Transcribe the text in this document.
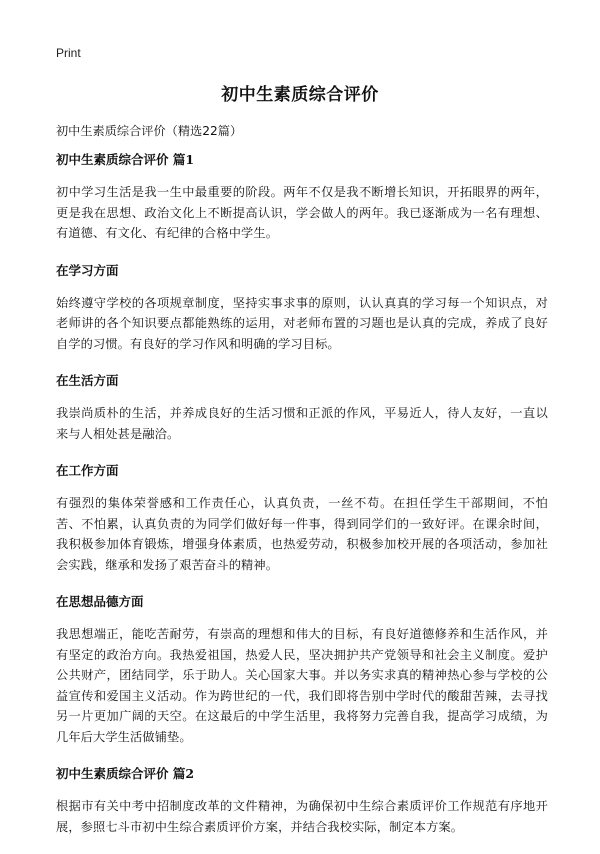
Print
初中生素质综合评价
初中生素质综合评价（精选22篇）
初中生素质综合评价 篇1

初中学习生活是我一生中最重要的阶段。两年不仅是我不断增长知识，开拓眼界的两年，更是我在思想、政治文化上不断提高认识，学会做人的两年。我已逐渐成为一名有理想、有道德、有文化、有纪律的合格中学生。

在学习方面

始终遵守学校的各项规章制度，坚持实事求事的原则，认认真真的学习每一个知识点，对老师讲的各个知识要点都能熟练的运用，对老师布置的习题也是认真的完成，养成了良好自学的习惯。有良好的学习作风和明确的学习目标。

在生活方面

我崇尚质朴的生活，并养成良好的生活习惯和正派的作风，平易近人，待人友好，一直以来与人相处甚是融洽。

在工作方面

有强烈的集体荣誉感和工作责任心，认真负责，一丝不苟。在担任学生干部期间，不怕苦、不怕累，认真负责的为同学们做好每一件事，得到同学们的一致好评。在课余时间，我积极参加体育锻炼，增强身体素质，也热爱劳动，积极参加校开展的各项活动，参加社会实践，继承和发扬了艰苦奋斗的精神。

在思想品德方面

我思想端正，能吃苦耐劳，有崇高的理想和伟大的目标，有良好道德修养和生活作风，并有坚定的政治方向。我热爱祖国，热爱人民，坚决拥护共产党领导和社会主义制度。爱护公共财产，团结同学，乐于助人。关心国家大事。并以务实求真的精神热心参与学校的公益宣传和爱国主义活动。作为跨世纪的一代，我们即将告别中学时代的酸甜苦辣，去寻找另一片更加广阔的天空。在这最后的中学生活里，我将努力完善自我，提高学习成绩，为几年后大学生活做铺垫。

初中生素质综合评价 篇2

根据市有关中考中招制度改革的文件精神，为确保初中生综合素质评价工作规范有序地开展，参照七斗市初中生综合素质评价方案，并结合我校实际，制定本方案。
